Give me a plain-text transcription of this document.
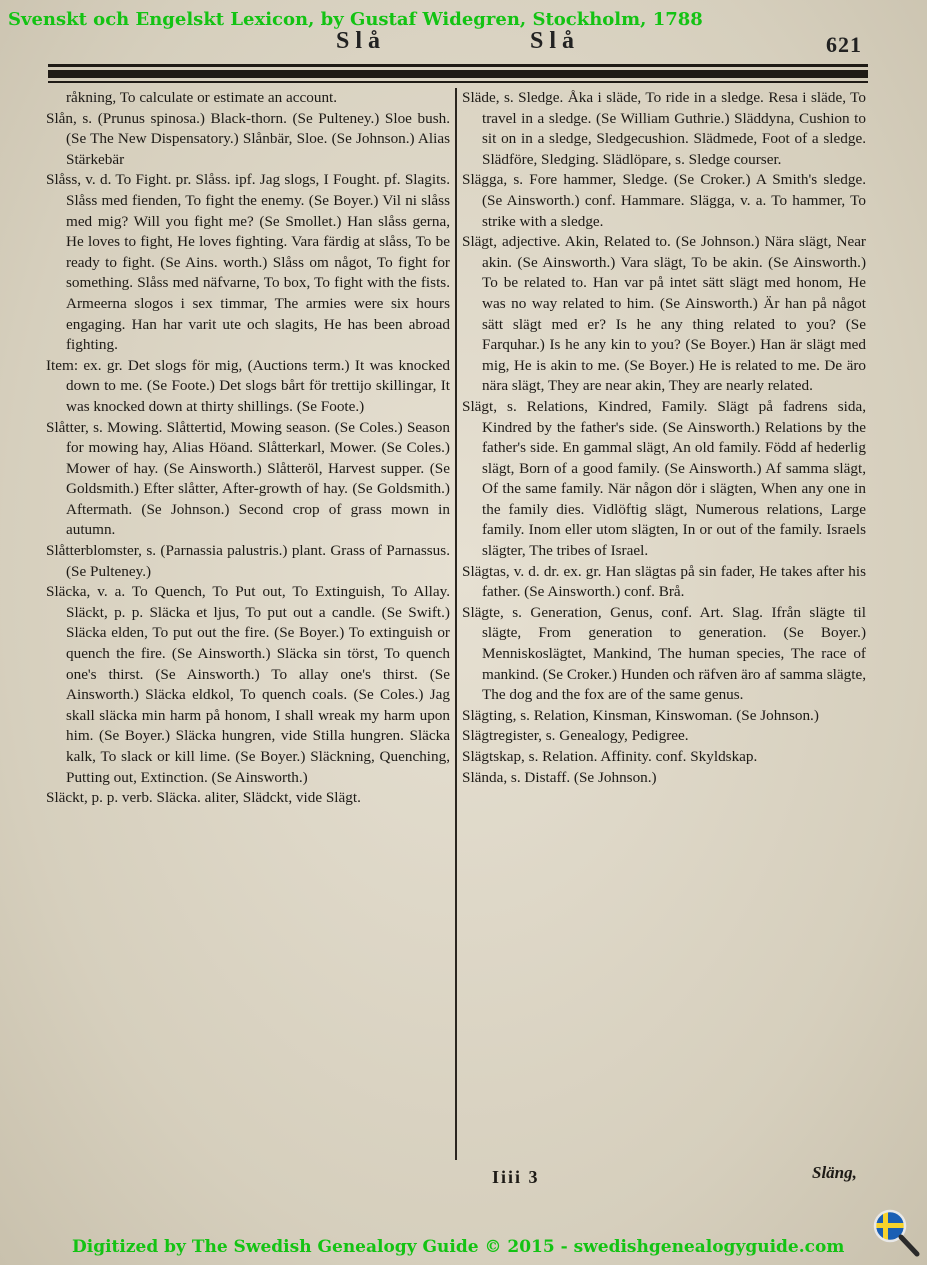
Svenskt och Engelskt Lexicon, by Gustaf Widegren, Stockholm, 1788
Slå	Slå	621

råkning, To calculate or estimate an account.

Slån, s. (Prunus spinosa.) Black-thorn. (Se Pulteney.) Sloe bush. (Se The New Dispensatory.) Slånbär, Sloe. (Se Johnson.) Alias Stärkebär

Slåss, v. d. To Fight. pr. Slåss. ipf. Jag slogs, I Fought. pf. Slagits. Slåss med fienden, To fight the enemy. (Se Boyer.) Vil ni slåss med mig? Will you fight me? (Se Smollet.) Han slåss gerna, He loves to fight, He loves fighting. Vara färdig at slåss, To be ready to fight. (Se Ains. worth.) Slåss om något, To fight for something. Slåss med näfvarne, To box, To fight with the fists. Armeerna slogos i sex timmar, The armies were six hours engaging. Han har varit ute och slagits, He has been abroad fighting.

Item: ex. gr. Det slogs för mig, (Auctions term.) It was knocked down to me. (Se Foote.) Det slogs bårt för trettijo skillingar, It was knocked down at thirty shillings. (Se Foote.)

Slåtter, s. Mowing. Slåttertid, Mowing season. (Se Coles.) Season for mowing hay, Alias Höand. Slåtterkarl, Mower. (Se Coles.) Mower of hay. (Se Ainsworth.) Slåtteröl, Harvest supper. (Se Goldsmith.) Efter slåtter, After-growth of hay. (Se Goldsmith.) Aftermath. (Se Johnson.) Second crop of grass mown in autumn.

Slåtterblomster, s. (Parnassia palustris.) plant. Grass of Parnassus. (Se Pulteney.)

Släcka, v. a. To Quench, To Put out, To Extinguish, To Allay. Släckt, p. p. Släcka et ljus, To put out a candle. (Se Swift.) Släcka elden, To put out the fire. (Se Boyer.) To extinguish or quench the fire. (Se Ainsworth.) Släcka sin törst, To quench one's thirst. (Se Ainsworth.) To allay one's thirst. (Se Ainsworth.) Släcka eldkol, To quench coals. (Se Coles.) Jag skall släcka min harm på honom, I shall wreak my harm upon him. (Se Boyer.) Släcka hungren, vide Stilla hungren. Släcka kalk, To slack or kill lime. (Se Boyer.) Släckning, Quenching, Putting out, Extinction. (Se Ainsworth.)

Släckt, p. p. verb. Släcka. aliter, Slädckt, vide Slägt.

Släde, s. Sledge. Åka i släde, To ride in a sledge. Resa i släde, To travel in a sledge. (Se William Guthrie.) Släddyna, Cushion to sit on in a sledge, Sledgecushion. Slädmede, Foot of a sledge. Slädföre, Sledging. Slädlöpare, s. Sledge courser.

Slägga, s. Fore hammer, Sledge. (Se Croker.) A Smith's sledge. (Se Ainsworth.) conf. Hammare. Slägga, v. a. To hammer, To strike with a sledge.

Slägt, adjective. Akin, Related to. (Se Johnson.) Nära slägt, Near akin. (Se Ainsworth.) Vara slägt, To be akin. (Se Ainsworth.) To be related to. Han var på intet sätt slägt med honom, He was no way related to him. (Se Ainsworth.) Är han på något sätt slägt med er? Is he any thing related to you? (Se Farquhar.) Is he any kin to you? (Se Boyer.) Han är slägt med mig, He is akin to me. (Se Boyer.) He is related to me. De äro nära slägt, They are near akin, They are nearly related.

Slägt, s. Relations, Kindred, Family. Slägt på fadrens sida, Kindred by the father's side. (Se Ainsworth.) Relations by the father's side. En gammal slägt, An old family. Född af hederlig slägt, Born of a good family. (Se Ainsworth.) Af samma slägt, Of the same family. När någon dör i slägten, When any one in the family dies. Vidlöftig slägt, Numerous relations, Large family. Inom eller utom slägten, In or out of the family. Israels slägter, The tribes of Israel.

Slägtas, v. d. dr. ex. gr. Han slägtas på sin fader, He takes after his father. (Se Ainsworth.) conf. Brå.

Slägte, s. Generation, Genus, conf. Art. Slag. Ifrån slägte til slägte, From generation to generation. (Se Boyer.) Menniskoslägtet, Mankind, The human species, The race of mankind. (Se Croker.) Hunden och räfven äro af samma slägte, The dog and the fox are of the same genus.

Slägting, s. Relation, Kinsman, Kinswoman. (Se Johnson.)

Slägtregister, s. Genealogy, Pedigree.

Slägtskap, s. Relation. Affinity. conf. Skyldskap.

Slända, s. Distaff. (Se Johnson.)

Iiii 3	Släng,
Digitized by The Swedish Genealogy Guide © 2015 - swedishgenealogyguide.com
